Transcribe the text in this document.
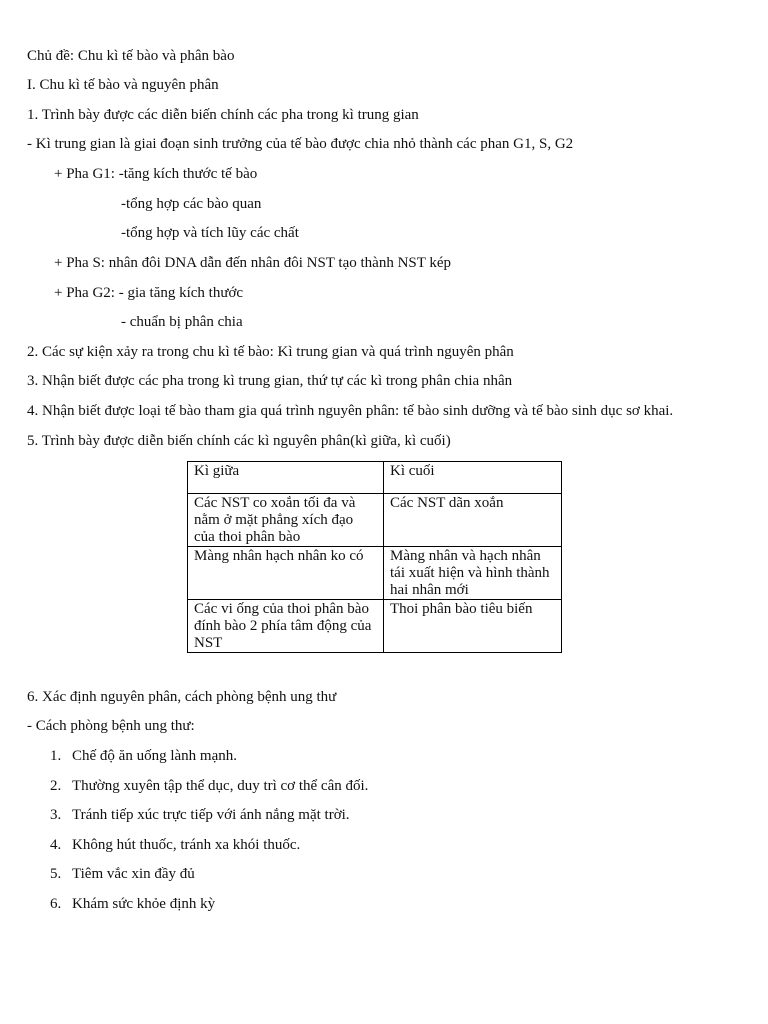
Chủ đề: Chu kì tế bào và phân bào
I. Chu kì tế bào và nguyên phân
1. Trình bày được các diễn biến chính các pha trong kì trung gian
- Kì trung gian là giai đoạn sinh trưởng của tế bào được chia nhỏ thành các phan G1, S, G2
+ Pha G1: -tăng kích thước tế bào
-tổng hợp các bào quan
-tổng hợp và tích lũy các chất
+ Pha S: nhân đôi DNA dẫn đến nhân đôi NST tạo thành NST kép
+ Pha G2: - gia tăng kích thước
- chuẩn bị phân chia
2. Các sự kiện xảy ra trong chu kì tế bào: Kì trung gian và quá trình nguyên phân
3. Nhận biết được các pha trong kì trung gian, thứ tự các kì trong phân chia nhân
4. Nhận biết được loại tế bào tham gia quá trình nguyên phân: tế bào sinh dưỡng và tế bào sinh dục sơ khai.
5. Trình bày được diễn biến chính các kì nguyên phân(kì giữa, kì cuối)
Kì giữa	Kì cuối
Các NST co xoắn tối đa và nằm ở mặt phẳng xích đạo của thoi phân bào	Các NST dãn xoắn
Màng nhân hạch nhân ko có	Màng nhân và hạch nhân tái xuất hiện và hình thành hai nhân mới
Các vi ống của thoi phân bào đính bào 2 phía tâm động của NST	Thoi phân bào tiêu biến
6. Xác định nguyên phân, cách phòng bệnh ung thư
- Cách phòng bệnh ung thư:
1. Chế độ ăn uống lành mạnh.
2. Thường xuyên tập thể dục, duy trì cơ thể cân đối.
3. Tránh tiếp xúc trực tiếp với ánh nắng mặt trời.
4. Không hút thuốc, tránh xa khói thuốc.
5. Tiêm vắc xin đầy đủ
6. Khám sức khỏe định kỳ
